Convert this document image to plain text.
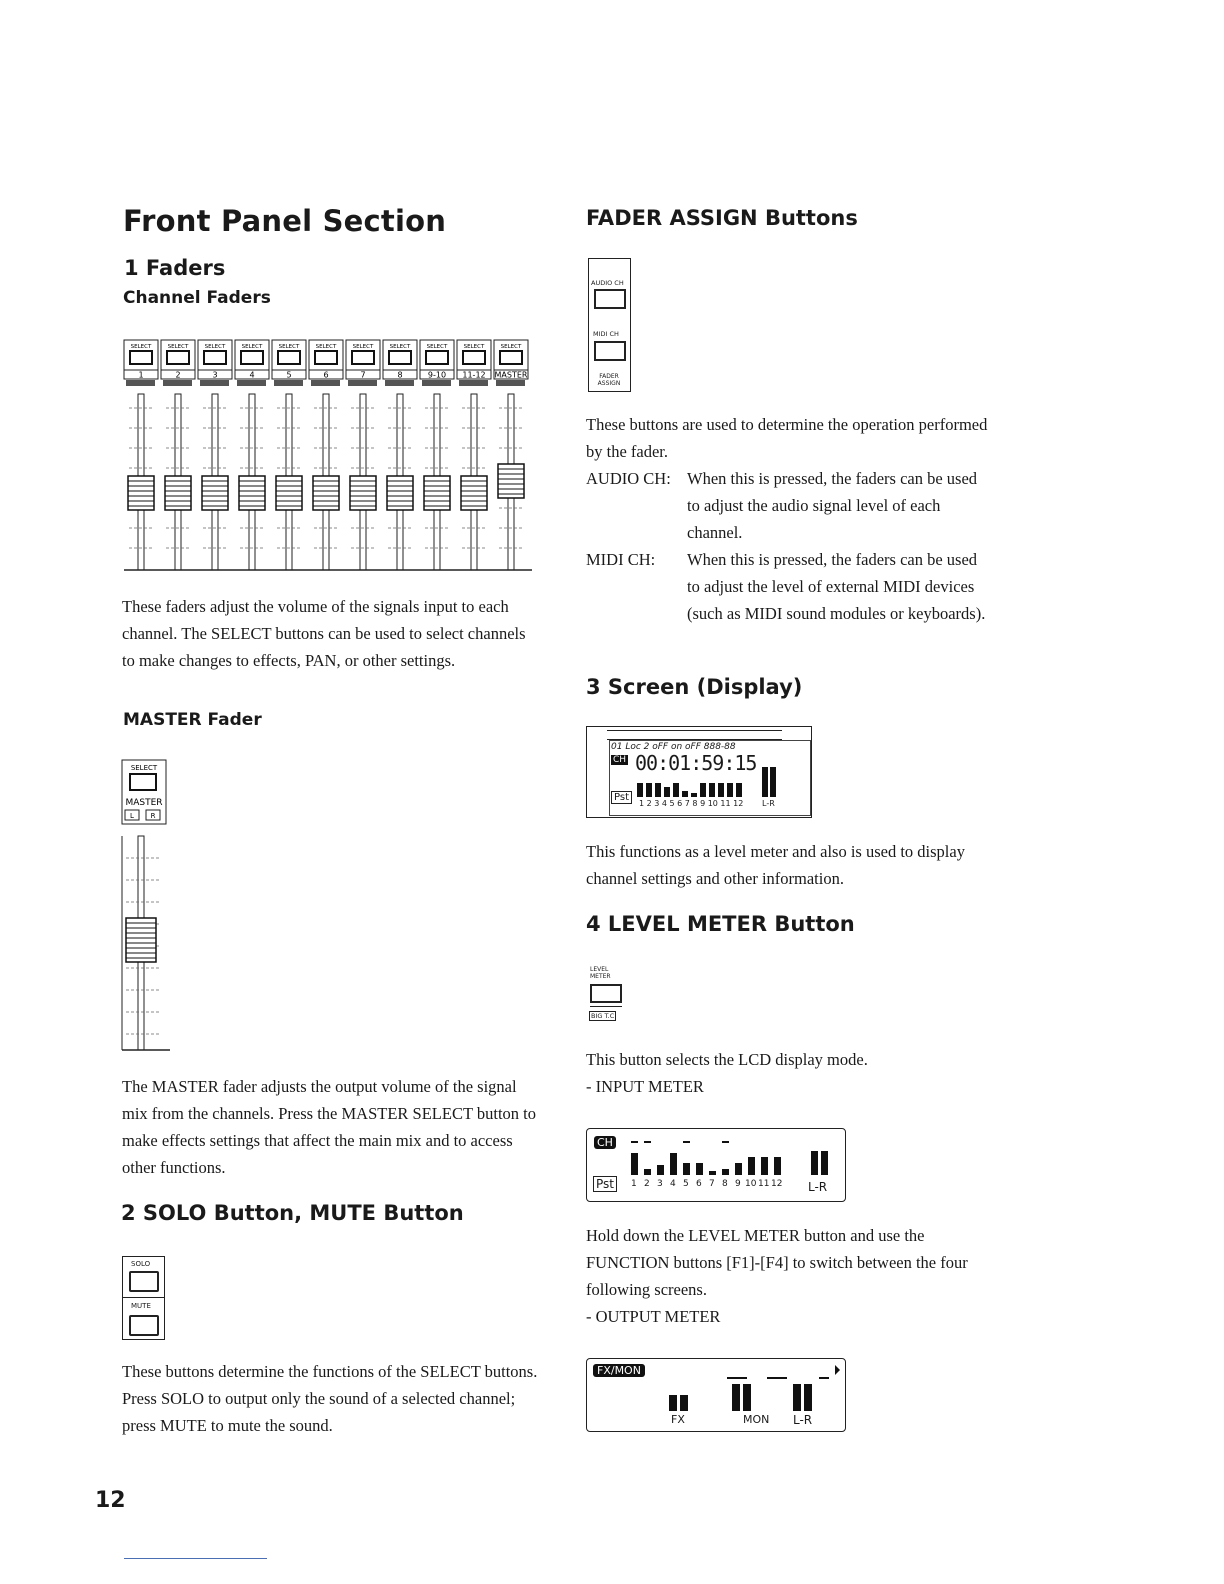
Front Panel Section
1 Faders
Channel Faders
SELECT
1
SELECT
2
SELECT
3
SELECT
4
SELECT
5
SELECT
6
SELECT
7
SELECT
8
SELECT
9-10
SELECT
11-12
SELECT
MASTER
These faders adjust the volume of the signals input to each channel. The SELECT buttons can be used to select channels to make changes to effects, PAN, or other settings.
MASTER Fader
SELECT
MASTER
L R
The MASTER fader adjusts the output volume of the signal mix from the channels. Press the MASTER SELECT button to make effects settings that affect the main mix and to access other functions.
2 SOLO Button, MUTE Button
SOLO
MUTE
These buttons determine the functions of the SELECT buttons. Press SOLO to output only the sound of a selected channel; press MUTE to mute the sound.
12
FADER ASSIGN Buttons
AUDIO CH
MIDI CH
FADER ASSIGN
These buttons are used to determine the operation performed by the fader.
AUDIO CH: When this is pressed, the faders can be used to adjust the audio signal level of each channel.
MIDI CH:	When this is pressed, the faders can be used to adjust the level of external MIDI devices (such as MIDI sound modules or keyboards).
3 Screen (Display)
01 Loc 2 oFF on oFF 888-88
CH 00:01:59:15
Pst
1 2 3 4 5 6 7 8 9 10 11 12 L-R
This functions as a level meter and also is used to display channel settings and other information.
4 LEVEL METER Button
LEVEL METER
BIG T.C
This button selects the LCD display mode.
- INPUT METER
CH
Pst	1 2 3 4 5 6 7 8 9 10 11 12 L-R
Hold down the LEVEL METER button and use the FUNCTION buttons [F1]-[F4] to switch between the four following screens.
- OUTPUT METER
FX/MON
FX	MON L-R
